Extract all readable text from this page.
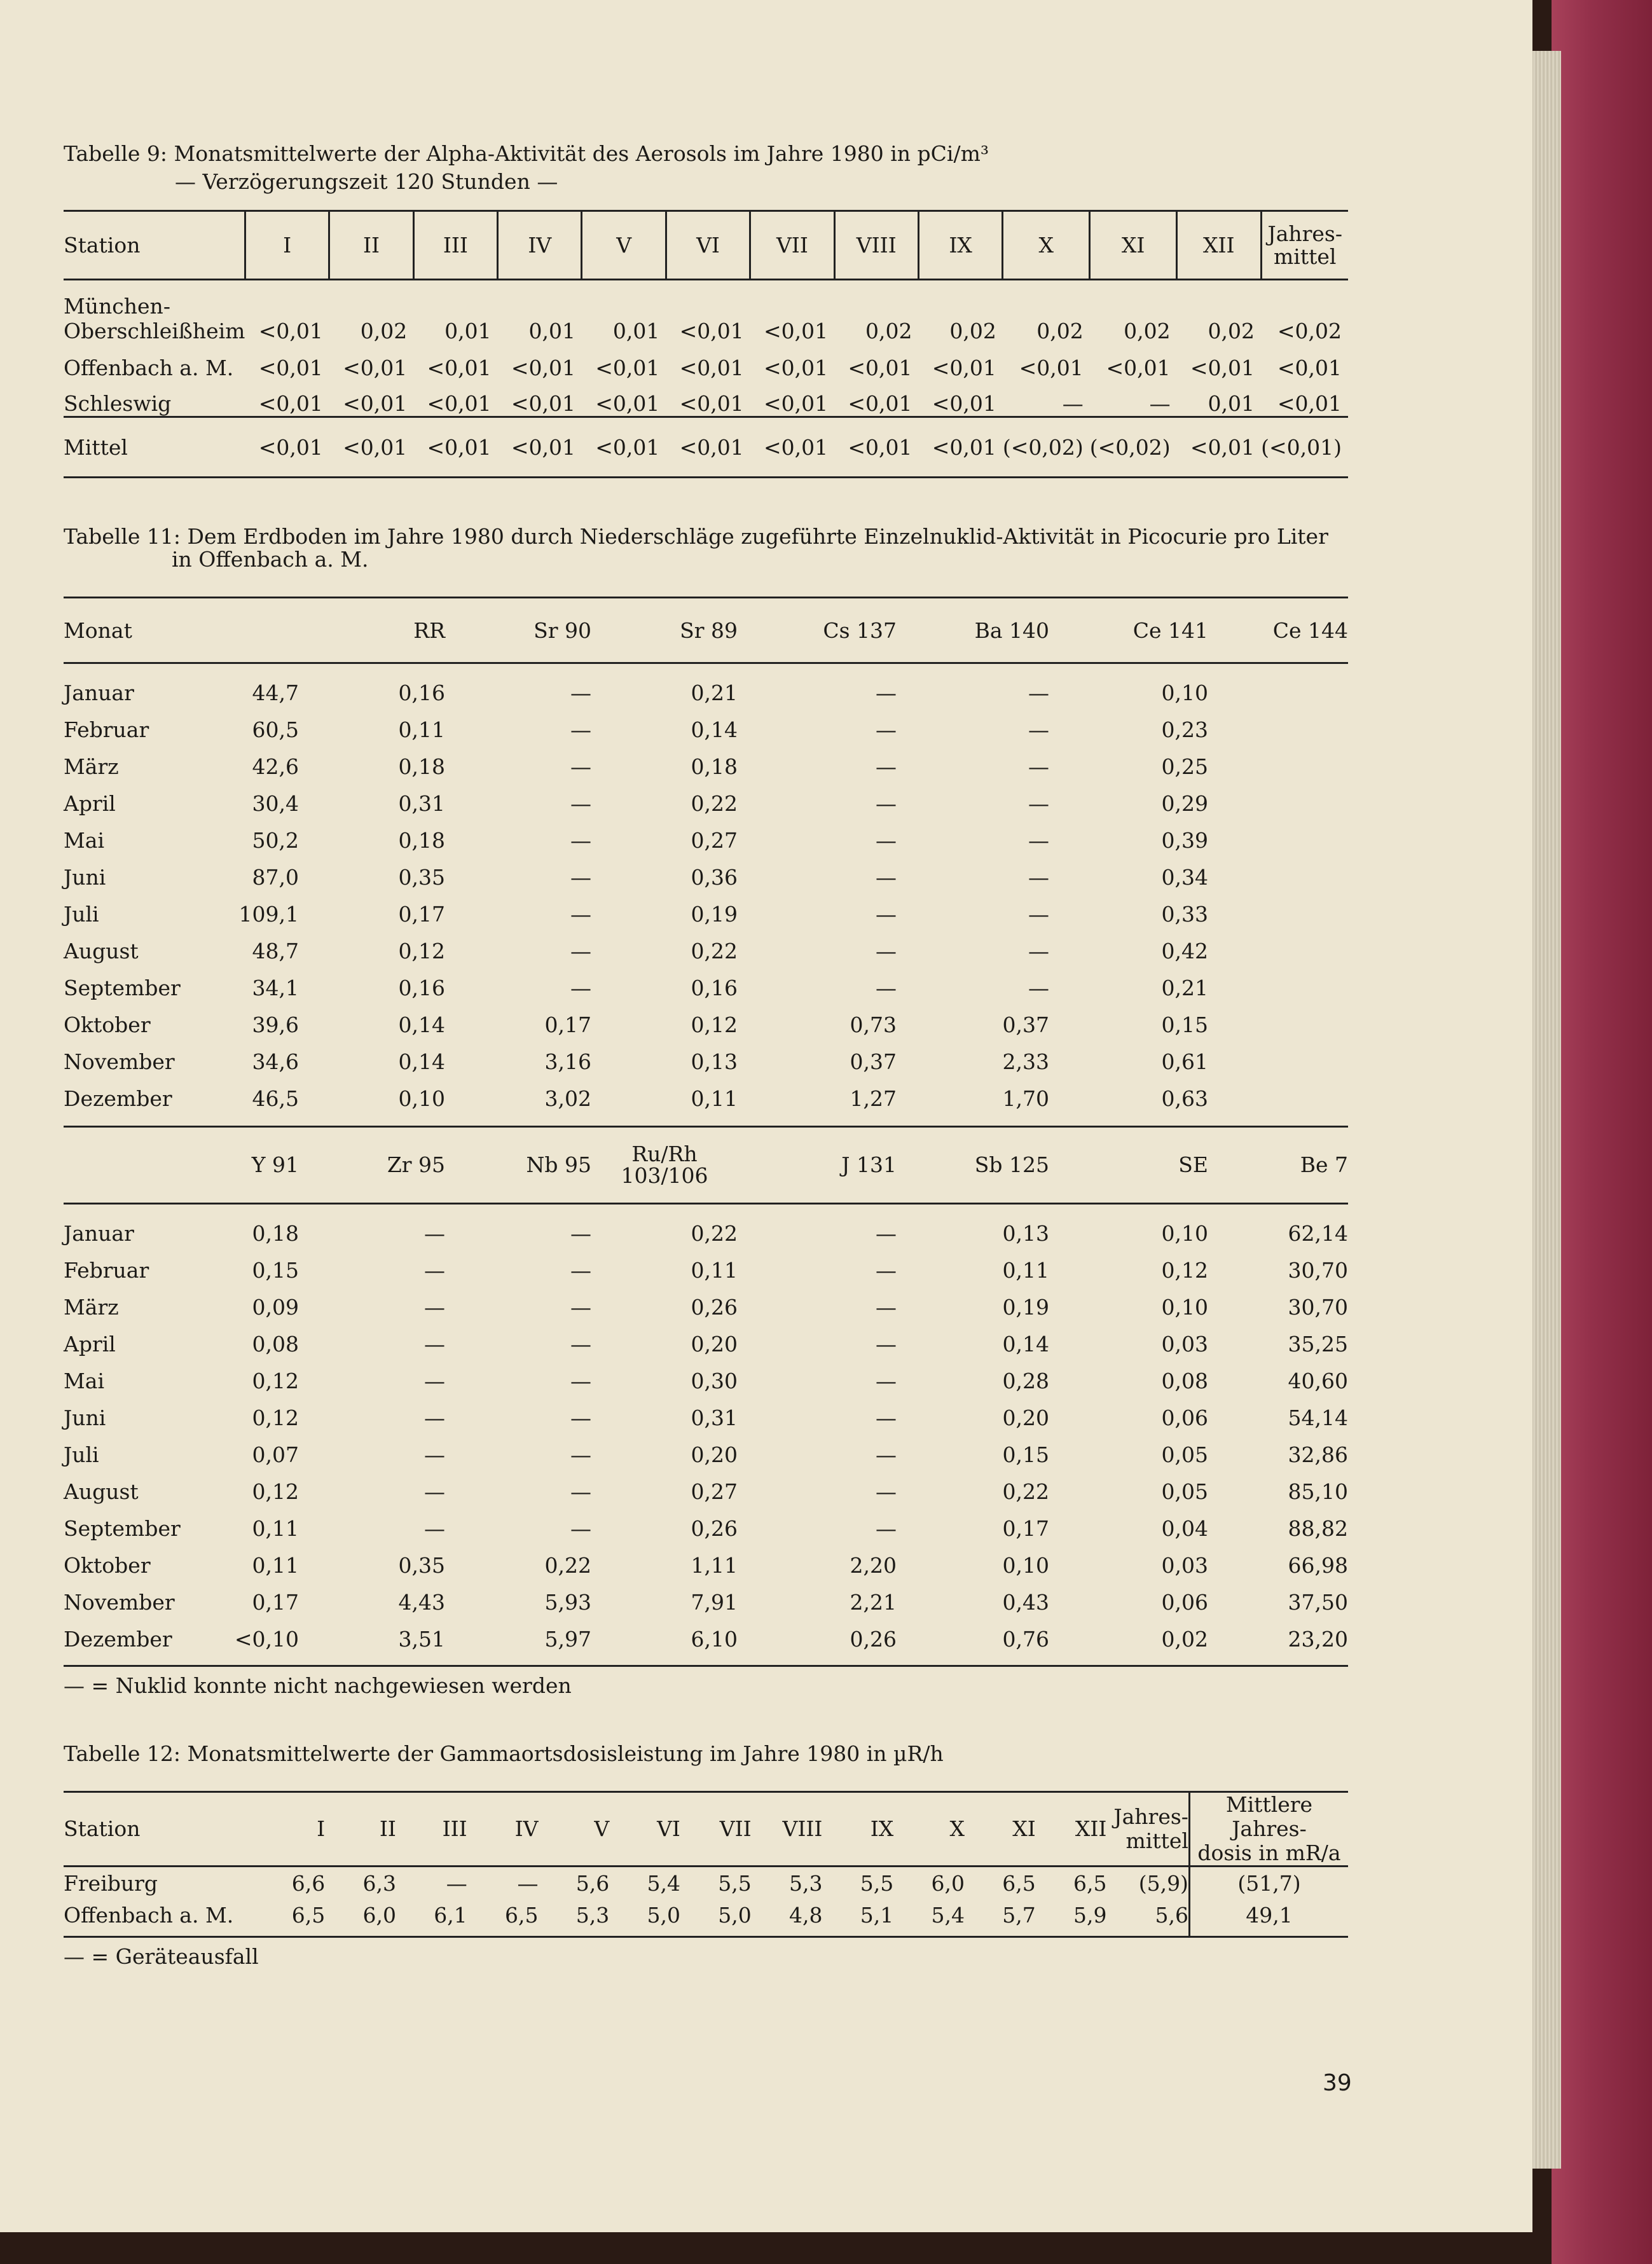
Tabelle 9: Monatsmittelwerte der Alpha-Aktivität des Aerosols im Jahre 1980 in pCi/m³

— Verzögerungszeit 120 Stunden —

Station	I	II	III	IV	V	VI	VII	VIII	IX	X	XI	XII	Jahres-
mittel
München-
Oberschleißheim	<0,01	0,02	0,01	0,01	0,01	<0,01	<0,01	0,02	0,02	0,02	0,02	0,02	<0,02
Offenbach a. M.	<0,01	<0,01	<0,01	<0,01	<0,01	<0,01	<0,01	<0,01	<0,01	<0,01	<0,01	<0,01	<0,01
Schleswig	<0,01	<0,01	<0,01	<0,01	<0,01	<0,01	<0,01	<0,01	<0,01	—	—	0,01	<0,01
Mittel	<0,01	<0,01	<0,01	<0,01	<0,01	<0,01	<0,01	<0,01	<0,01	(<0,02)	(<0,02)	<0,01	(<0,01)

Tabelle 11: Dem Erdboden im Jahre 1980 durch Niederschläge zugeführte Einzelnuklid-Aktivität in Picocurie pro Liter

in Offenbach a. M.

Monat		RR	Sr 90	Sr 89	Cs 137	Ba 140	Ce 141	Ce 144
Januar	44,7	0,16	—	0,21	—	—	0,10	
Februar	60,5	0,11	—	0,14	—	—	0,23	
März	42,6	0,18	—	0,18	—	—	0,25	
April	30,4	0,31	—	0,22	—	—	0,29	
Mai	50,2	0,18	—	0,27	—	—	0,39	
Juni	87,0	0,35	—	0,36	—	—	0,34	
Juli	109,1	0,17	—	0,19	—	—	0,33	
August	48,7	0,12	—	0,22	—	—	0,42	
September	34,1	0,16	—	0,16	—	—	0,21	
Oktober	39,6	0,14	0,17	0,12	0,73	0,37	0,15	
November	34,6	0,14	3,16	0,13	0,37	2,33	0,61	
Dezember	46,5	0,10	3,02	0,11	1,27	1,70	0,63	
	Y 91	Zr 95	Nb 95	Ru/Rh
103/106	J 131	Sb 125	SE	Be 7
Januar	0,18	—	—	0,22	—	0,13	0,10	62,14
Februar	0,15	—	—	0,11	—	0,11	0,12	30,70
März	0,09	—	—	0,26	—	0,19	0,10	30,70
April	0,08	—	—	0,20	—	0,14	0,03	35,25
Mai	0,12	—	—	0,30	—	0,28	0,08	40,60
Juni	0,12	—	—	0,31	—	0,20	0,06	54,14
Juli	0,07	—	—	0,20	—	0,15	0,05	32,86
August	0,12	—	—	0,27	—	0,22	0,05	85,10
September	0,11	—	—	0,26	—	0,17	0,04	88,82
Oktober	0,11	0,35	0,22	1,11	2,20	0,10	0,03	66,98
November	0,17	4,43	5,93	7,91	2,21	0,43	0,06	37,50
Dezember	<0,10	3,51	5,97	6,10	0,26	0,76	0,02	23,20

— = Nuklid konnte nicht nachgewiesen werden

Tabelle 12: Monatsmittelwerte der Gammaortsdosisleistung im Jahre 1980 in µR/h

Station	I	II	III	IV	V	VI	VII	VIII	IX	X	XI	XII	Jahres-
mittel	Mittlere Jahres-
dosis in mR/a
Freiburg	6,6	6,3	—	—	5,6	5,4	5,5	5,3	5,5	6,0	6,5	6,5	(5,9)	(51,7)
Offenbach a. M.	6,5	6,0	6,1	6,5	5,3	5,0	5,0	4,8	5,1	5,4	5,7	5,9	5,6	49,1

— = Geräteausfall

39
